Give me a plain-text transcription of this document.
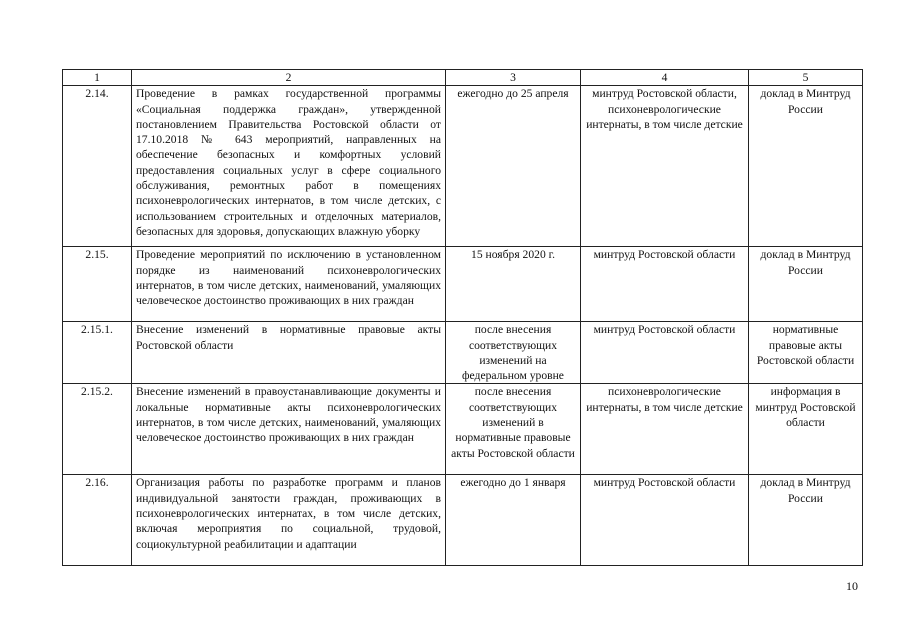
1	2	3	4	5
2.14.	Проведение в рамках государственной программы «Социальная поддержка граждан», утвержденной постановлением Правительства Ростовской области от 17.10.2018 № 643 мероприятий, направленных на обеспечение безопасных и комфортных условий предоставления социальных услуг в сфере социального обслуживания, ремонтных работ в помещениях психоневрологических интернатов, в том числе детских, с использованием строительных и отделочных материалов, безопасных для здоровья, допускающих влажную уборку	ежегодно до 25 апреля	минтруд Ростовской области, психоневрологические интернаты, в том числе детские	доклад в Минтруд России
2.15.	Проведение мероприятий по исключению в установленном порядке из наименований психоневрологических интернатов, в том числе детских, наименований, умаляющих человеческое достоинство проживающих в них граждан	15 ноября 2020 г.	минтруд Ростовской области	доклад в Минтруд России
2.15.1.	Внесение изменений в нормативные правовые акты Ростовской области	после внесения соответствующих изменений на федеральном уровне	минтруд Ростовской области	нормативные правовые акты Ростовской области
2.15.2.	Внесение изменений в правоустанавливающие документы и локальные нормативные акты психоневрологических интернатов, в том числе детских, наименований, умаляющих человеческое достоинство проживающих в них граждан	после внесения соответствующих изменений в нормативные правовые акты Ростовской области	психоневрологические интернаты, в том числе детские	информация в минтруд Ростовской области
2.16.	Организация работы по разработке программ и планов индивидуальной занятости граждан, проживающих в психоневрологических интернатах, в том числе детских, включая мероприятия по социальной, трудовой, социокультурной реабилитации и адаптации	ежегодно до 1 января	минтруд Ростовской области	доклад в Минтруд России
10
